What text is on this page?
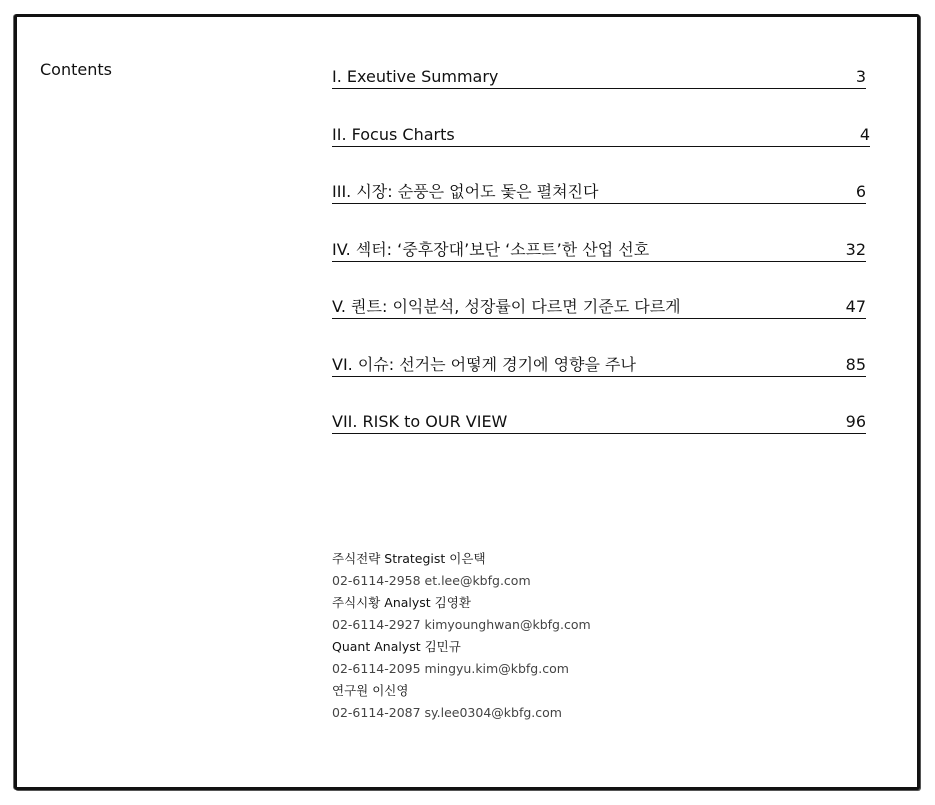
Contents	I. Exeutive Summary	3
II. Focus Charts	4
III. 시장: 순풍은 없어도 돛은 펼쳐진다	6
IV. 섹터: ‘중후장대’보단 ‘소프트’한 산업 선호	32
V. 퀀트: 이익분석, 성장률이 다르면 기준도 다르게	47
VI. 이슈: 선거는 어떻게 경기에 영향을 주나	85
VII. RISK to OUR VIEW	96
주식전략 Strategist 이은택
02-6114-2958 et.lee@kbfg.com
주식시황 Analyst 김영환
02-6114-2927 kimyounghwan@kbfg.com
Quant Analyst 김민규
02-6114-2095 mingyu.kim@kbfg.com
연구원 이신영
02-6114-2087 sy.lee0304@kbfg.com
